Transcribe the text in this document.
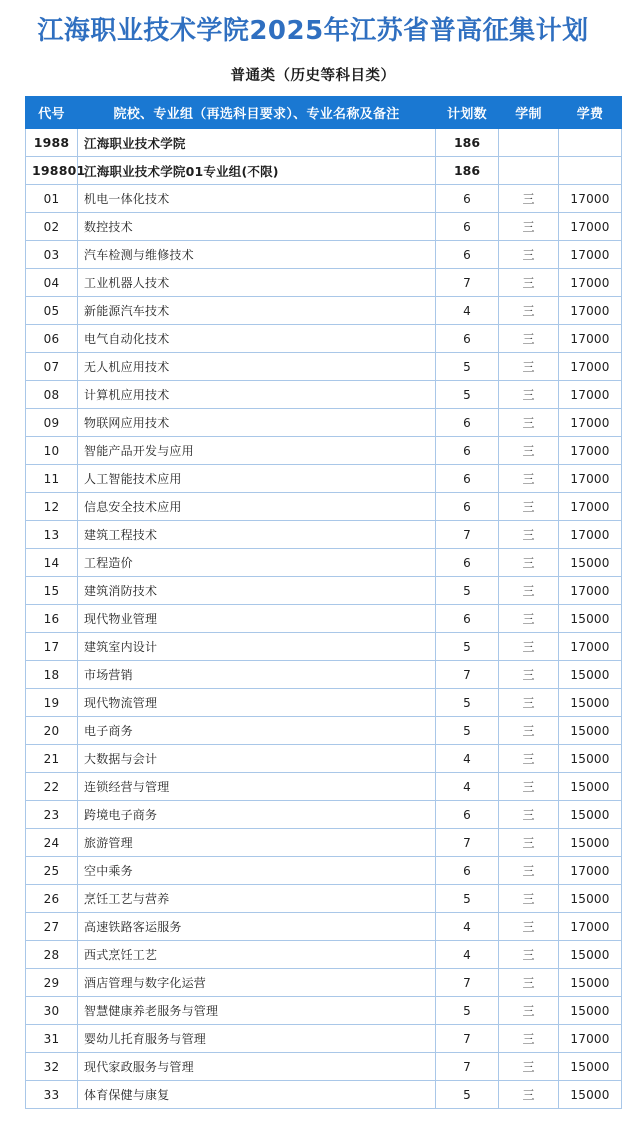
江海职业技术学院2025年江苏省普高征集计划
普通类（历史等科目类）
代号	院校、专业组（再选科目要求）、专业名称及备注	计划数	学制	学费
1988	江海职业技术学院	186		
198801	江海职业技术学院01专业组(不限)	186		
01	机电一体化技术	6	三	17000
02	数控技术	6	三	17000
03	汽车检测与维修技术	6	三	17000
04	工业机器人技术	7	三	17000
05	新能源汽车技术	4	三	17000
06	电气自动化技术	6	三	17000
07	无人机应用技术	5	三	17000
08	计算机应用技术	5	三	17000
09	物联网应用技术	6	三	17000
10	智能产品开发与应用	6	三	17000
11	人工智能技术应用	6	三	17000
12	信息安全技术应用	6	三	17000
13	建筑工程技术	7	三	17000
14	工程造价	6	三	15000
15	建筑消防技术	5	三	17000
16	现代物业管理	6	三	15000
17	建筑室内设计	5	三	17000
18	市场营销	7	三	15000
19	现代物流管理	5	三	15000
20	电子商务	5	三	15000
21	大数据与会计	4	三	15000
22	连锁经营与管理	4	三	15000
23	跨境电子商务	6	三	15000
24	旅游管理	7	三	15000
25	空中乘务	6	三	17000
26	烹饪工艺与营养	5	三	15000
27	高速铁路客运服务	4	三	17000
28	西式烹饪工艺	4	三	15000
29	酒店管理与数字化运营	7	三	15000
30	智慧健康养老服务与管理	5	三	15000
31	婴幼儿托育服务与管理	7	三	17000
32	现代家政服务与管理	7	三	15000
33	体育保健与康复	5	三	15000
